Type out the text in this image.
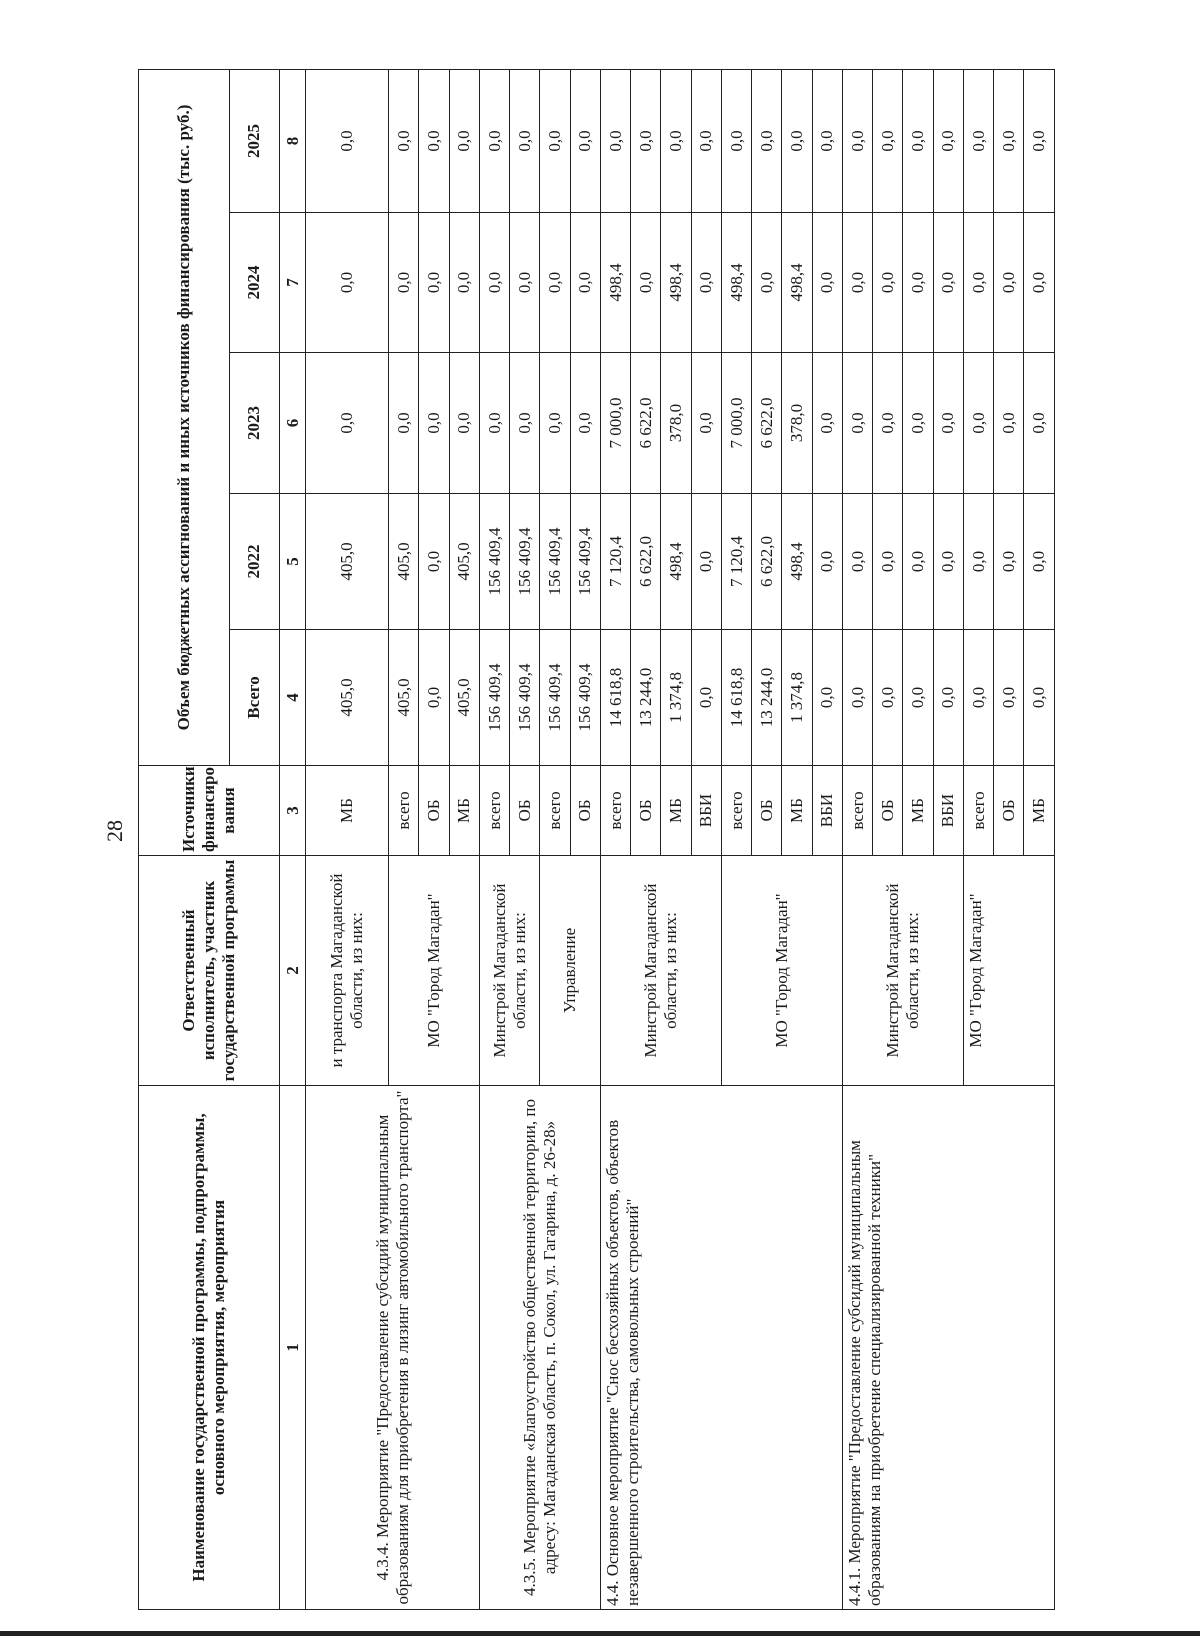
28
Наименование государственной программы, подпрограммы, основного мероприятия, мероприятия	Ответственный исполнитель, участник государственной программы	Источники финансиро вания	Объем бюджетных ассигнований и иных источников финансирования (тыс. руб.)				
			Всего	2022	2023	2024	2025
1	2	3	4	5	6	7	8
4.3.4. Мероприятие "Предоставление субсидий муниципальным образованиям для приобретения в лизинг автомобильного транспорта"	и транспорта Магаданской области, из них:	МБ	405,0	405,0	0,0	0,0	0,0
	МО "Город Магадан"	всего	405,0	405,0	0,0	0,0	0,0
		ОБ	0,0	0,0	0,0	0,0	0,0
		МБ	405,0	405,0	0,0	0,0	0,0
4.3.5. Мероприятие «Благоустройство общественной территории, по адресу: Магаданская область, п. Сокол, ул. Гагарина, д. 26-28»	Минстрой Магаданской области, из них:	всего	156 409,4	156 409,4	0,0	0,0	0,0
		ОБ	156 409,4	156 409,4	0,0	0,0	0,0
	Управление	всего	156 409,4	156 409,4	0,0	0,0	0,0
		ОБ	156 409,4	156 409,4	0,0	0,0	0,0
4.4. Основное мероприятие "Снос бесхозяйных объектов, объектов незавершенного строительства, самовольных строений"	Минстрой Магаданской области, из них:	всего	14 618,8	7 120,4	7 000,0	498,4	0,0
		ОБ	13 244,0	6 622,0	6 622,0	0,0	0,0
		МБ	1 374,8	498,4	378,0	498,4	0,0
		ВБИ	0,0	0,0	0,0	0,0	0,0
	МО "Город Магадан"	всего	14 618,8	7 120,4	7 000,0	498,4	0,0
		ОБ	13 244,0	6 622,0	6 622,0	0,0	0,0
		МБ	1 374,8	498,4	378,0	498,4	0,0
		ВБИ	0,0	0,0	0,0	0,0	0,0
4.4.1. Мероприятие "Предоставление субсидий муниципальным образованиям на приобретение специализированной техники"	Минстрой Магаданской области, из них:	всего	0,0	0,0	0,0	0,0	0,0
		ОБ	0,0	0,0	0,0	0,0	0,0
		МБ	0,0	0,0	0,0	0,0	0,0
		ВБИ	0,0	0,0	0,0	0,0	0,0
	МО "Город Магадан"	всего	0,0	0,0	0,0	0,0	0,0
		ОБ	0,0	0,0	0,0	0,0	0,0
		МБ	0,0	0,0	0,0	0,0	0,0
